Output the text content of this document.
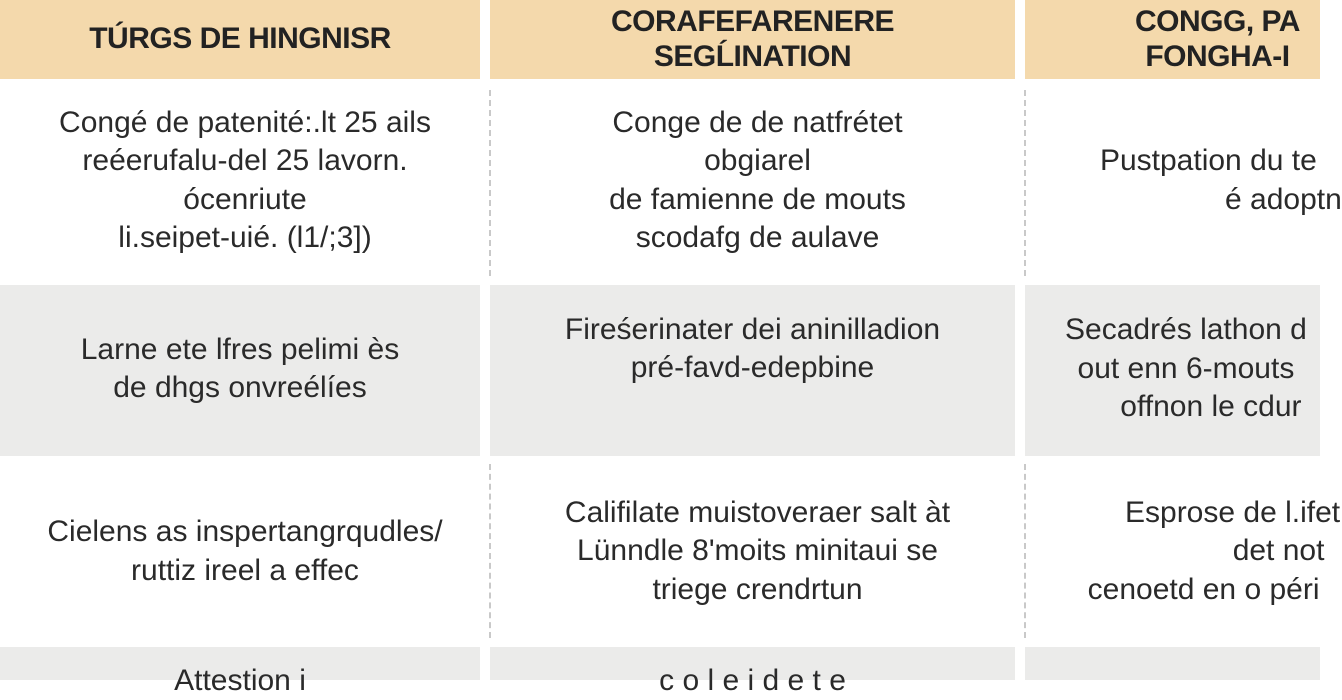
TÚRGS DE HINGNISR
CORAFEFARENERE
SEGĹINATION
CONGG, PA
FONGHA-I
Congé de patenité:.lt 25 ails
reéerufalu-del 25 lavorn.
ócenriute
li.seipet-uié. (l1/;3])
Conge de de natfrétet
obgiarel
de famienne de mouts
scodafg de aulave
Pustpation du te
é adoptn
Larne ete lfres pelimi ès
de dhgs onvreélíes
Fireśerinater dei aninilladion
pré-favd-edepbine
Secadrés lathon d
out enn 6-mouts
offnon le cdur
Cielens as inspertangrqudles/
ruttiz ireel a effec
Califilate muistoverаer salt àt
Lünndle 8'moits minitaui se
triege crendrtun
Esprose de l.ifet
det not
cenoetd en o péri
Attestion i	c o l e i d e t e
